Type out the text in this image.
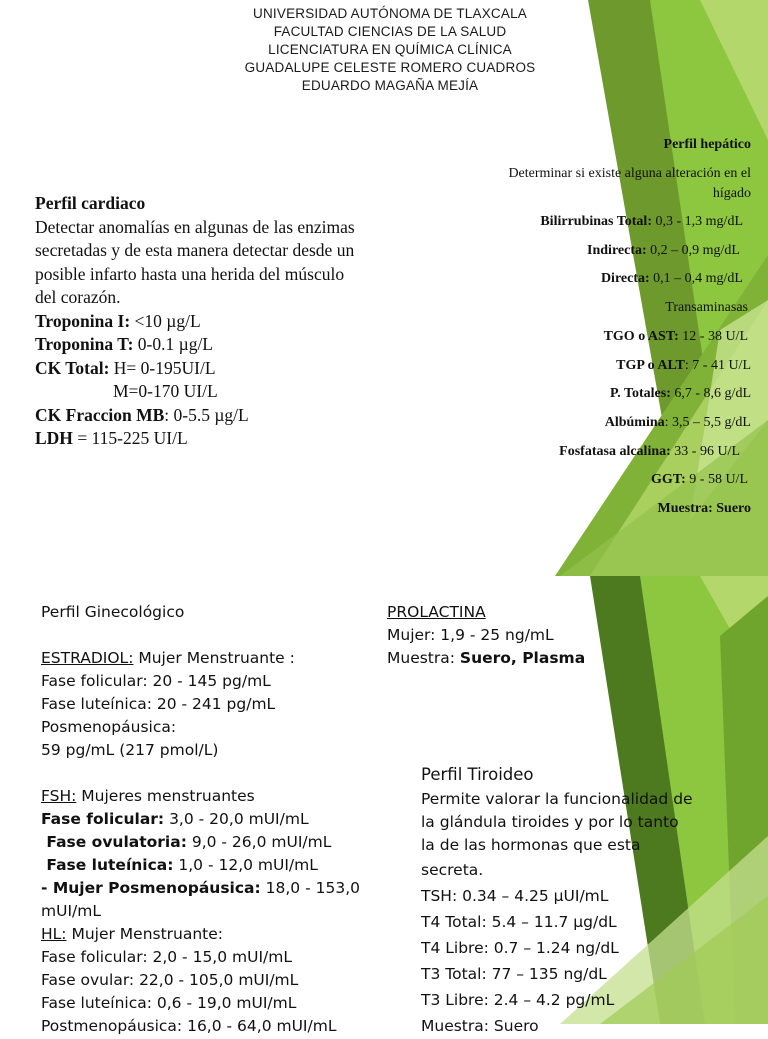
UNIVERSIDAD AUTÓNOMA DE TLAXCALA
FACULTAD CIENCIAS DE LA SALUD
LICENCIATURA EN QUÍMICA CLÍNICA
GUADALUPE CELESTE ROMERO CUADROS
EDUARDO MAGAÑA MEJÍA
Perfil cardiaco
Detectar anomalías en algunas de las enzimas
secretadas y de esta manera detectar desde un
posible infarto hasta una herida del músculo
del corazón.
Troponina I: <10 µg/L
Troponina T: 0-0.1 µg/L
CK Total: H= 0-195UI/L
M=0-170 UI/L
CK Fraccion MB: 0-5.5 µg/L
LDH = 115-225 UI/L
Perfil hepático
Determinar si existe alguna alteración en el
hígado
Bilirrubinas Total: 0,3 - 1,3 mg/dL
Indirecta: 0,2 – 0,9 mg/dL
Directa: 0,1 – 0,4 mg/dL
Transaminasas
TGO o AST: 12 - 38 U/L
TGP o ALT: 7 - 41 U/L
P. Totales: 6,7 - 8,6 g/dL
Albúmina: 3,5 – 5,5 g/dL
Fosfatasa alcalina: 33 - 96 U/L
GGT: 9 - 58 U/L
Muestra: Suero
Perfil Ginecológico
ESTRADIOL: Mujer Menstruante :
Fase folicular: 20 - 145 pg/mL
Fase luteínica: 20 - 241 pg/mL
Posmenopáusica:
59 pg/mL (217 pmol/L)
FSH: Mujeres menstruantes
Fase folicular: 3,0 - 20,0 mUI/mL
Fase ovulatoria: 9,0 - 26,0 mUI/mL
Fase luteínica: 1,0 - 12,0 mUI/mL
- Mujer Posmenopáusica: 18,0 - 153,0
mUI/mL
HL: Mujer Menstruante:
Fase folicular: 2,0 - 15,0 mUI/mL
Fase ovular: 22,0 - 105,0 mUI/mL
Fase luteínica: 0,6 - 19,0 mUI/mL
Postmenopáusica: 16,0 - 64,0 mUI/mL
PROLACTINA
Mujer: 1,9 - 25 ng/mL
Muestra: Suero, Plasma
Perfil Tiroideo
Permite valorar la funcionalidad de
la glándula tiroides y por lo tanto
la de las hormonas que esta
secreta.
TSH: 0.34 – 4.25 µUI/mL
T4 Total: 5.4 – 11.7 µg/dL
T4 Libre: 0.7 – 1.24 ng/dL
T3 Total: 77 – 135 ng/dL
T3 Libre: 2.4 – 4.2 pg/mL
Muestra: Suero
